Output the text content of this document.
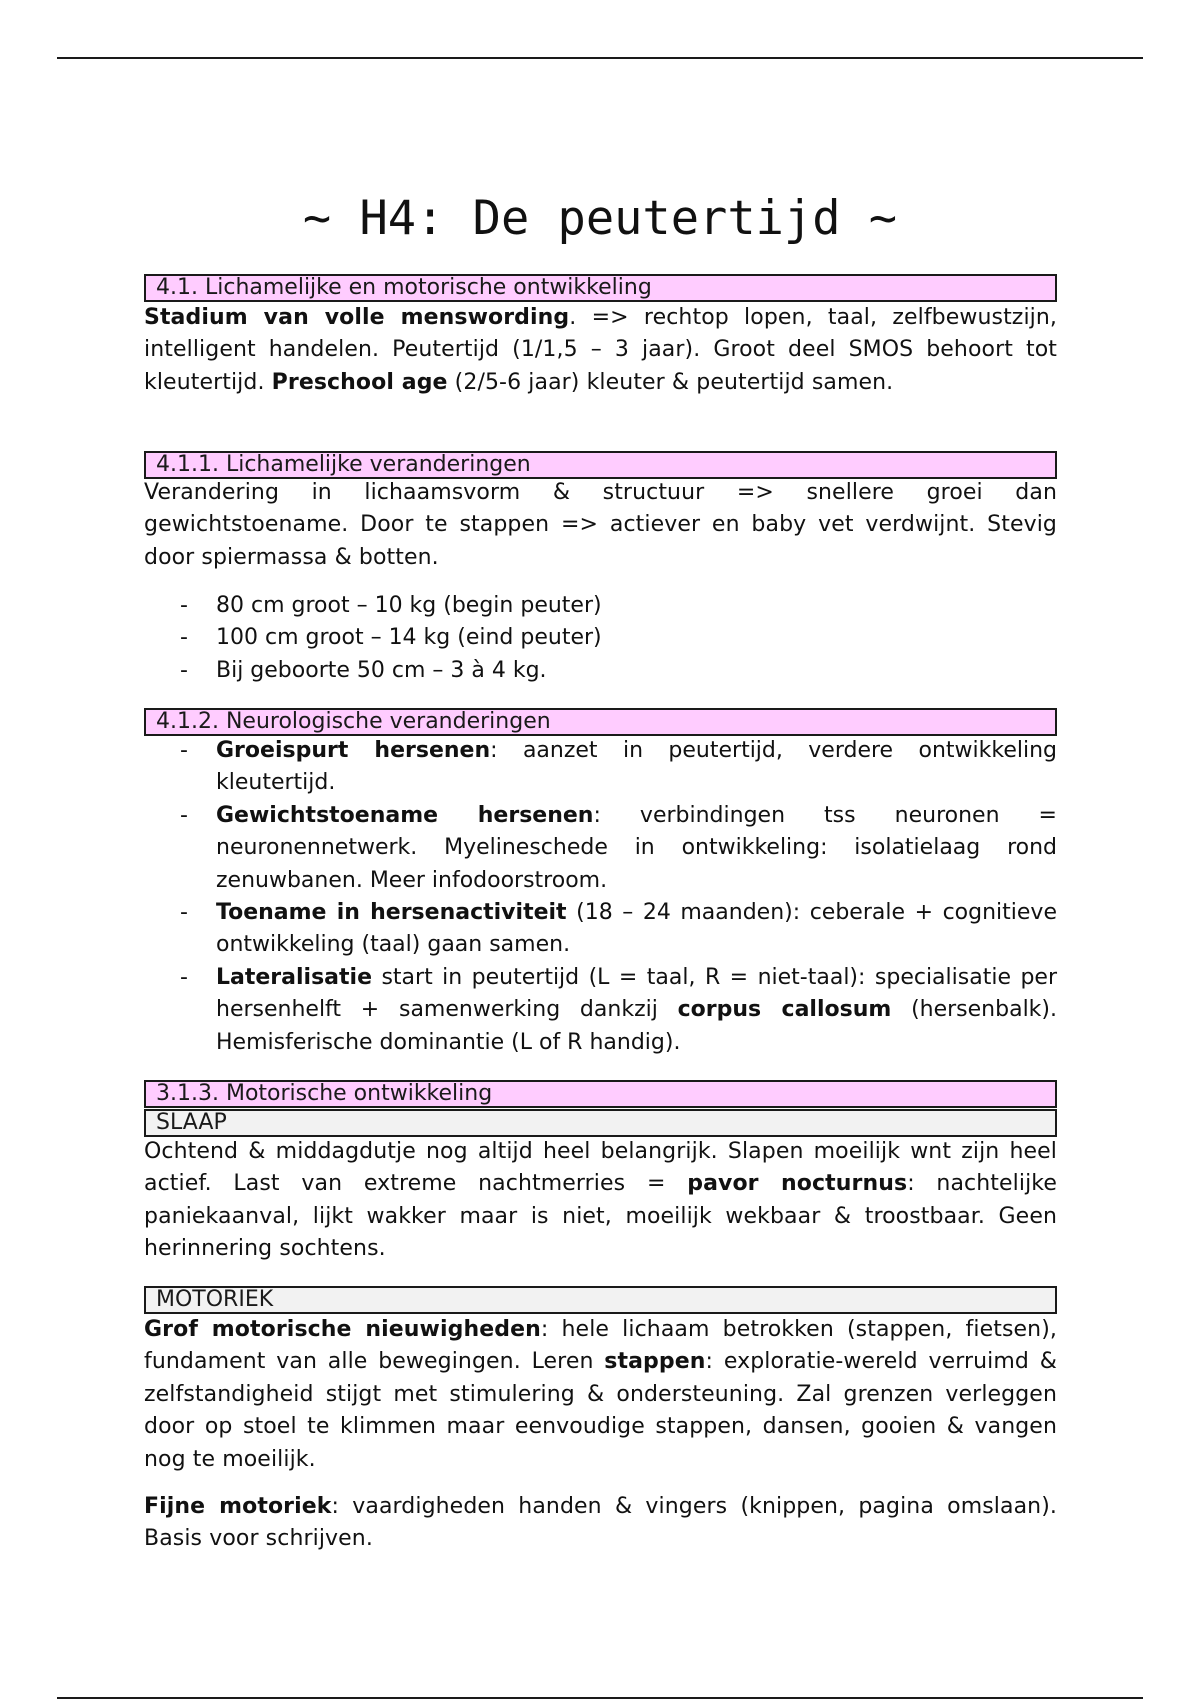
~ H4: De peutertijd ~
4.1. Lichamelijke en motorische ontwikkeling
Stadium van volle menswording. => rechtop lopen, taal, zelfbewustzijn, intelligent handelen. Peutertijd (1/1,5 – 3 jaar). Groot deel SMOS behoort tot kleutertijd. Preschool age (2/5-6 jaar) kleuter & peutertijd samen.
4.1.1. Lichamelijke veranderingen
Verandering in lichaamsvorm & structuur => snellere groei dan gewichtstoename. Door te stappen => actiever en baby vet verdwijnt. Stevig door spiermassa & botten.
- 80 cm groot – 10 kg (begin peuter)
- 100 cm groot – 14 kg (eind peuter)
- Bij geboorte 50 cm – 3 à 4 kg.
4.1.2. Neurologische veranderingen
- Groeispurt hersenen: aanzet in peutertijd, verdere ontwikkeling kleutertijd.
- Gewichtstoename hersenen: verbindingen tss neuronen = neuronennetwerk. Myelineschede in ontwikkeling: isolatielaag rond zenuwbanen. Meer infodoorstroom.
- Toename in hersenactiviteit (18 – 24 maanden): ceberale + cognitieve ontwikkeling (taal) gaan samen.
- Lateralisatie start in peutertijd (L = taal, R = niet-taal): specialisatie per hersenhelft + samenwerking dankzij corpus callosum (hersenbalk). Hemisferische dominantie (L of R handig).
3.1.3. Motorische ontwikkeling
SLAAP
Ochtend & middagdutje nog altijd heel belangrijk. Slapen moeilijk wnt zijn heel actief. Last van extreme nachtmerries = pavor nocturnus: nachtelijke paniekaanval, lijkt wakker maar is niet, moeilijk wekbaar & troostbaar. Geen herinnering sochtens.
MOTORIEK
Grof motorische nieuwigheden: hele lichaam betrokken (stappen, fietsen), fundament van alle bewegingen. Leren stappen: exploratie-wereld verruimd & zelfstandigheid stijgt met stimulering & ondersteuning. Zal grenzen verleggen door op stoel te klimmen maar eenvoudige stappen, dansen, gooien & vangen nog te moeilijk.
Fijne motoriek: vaardigheden handen & vingers (knippen, pagina omslaan). Basis voor schrijven.
